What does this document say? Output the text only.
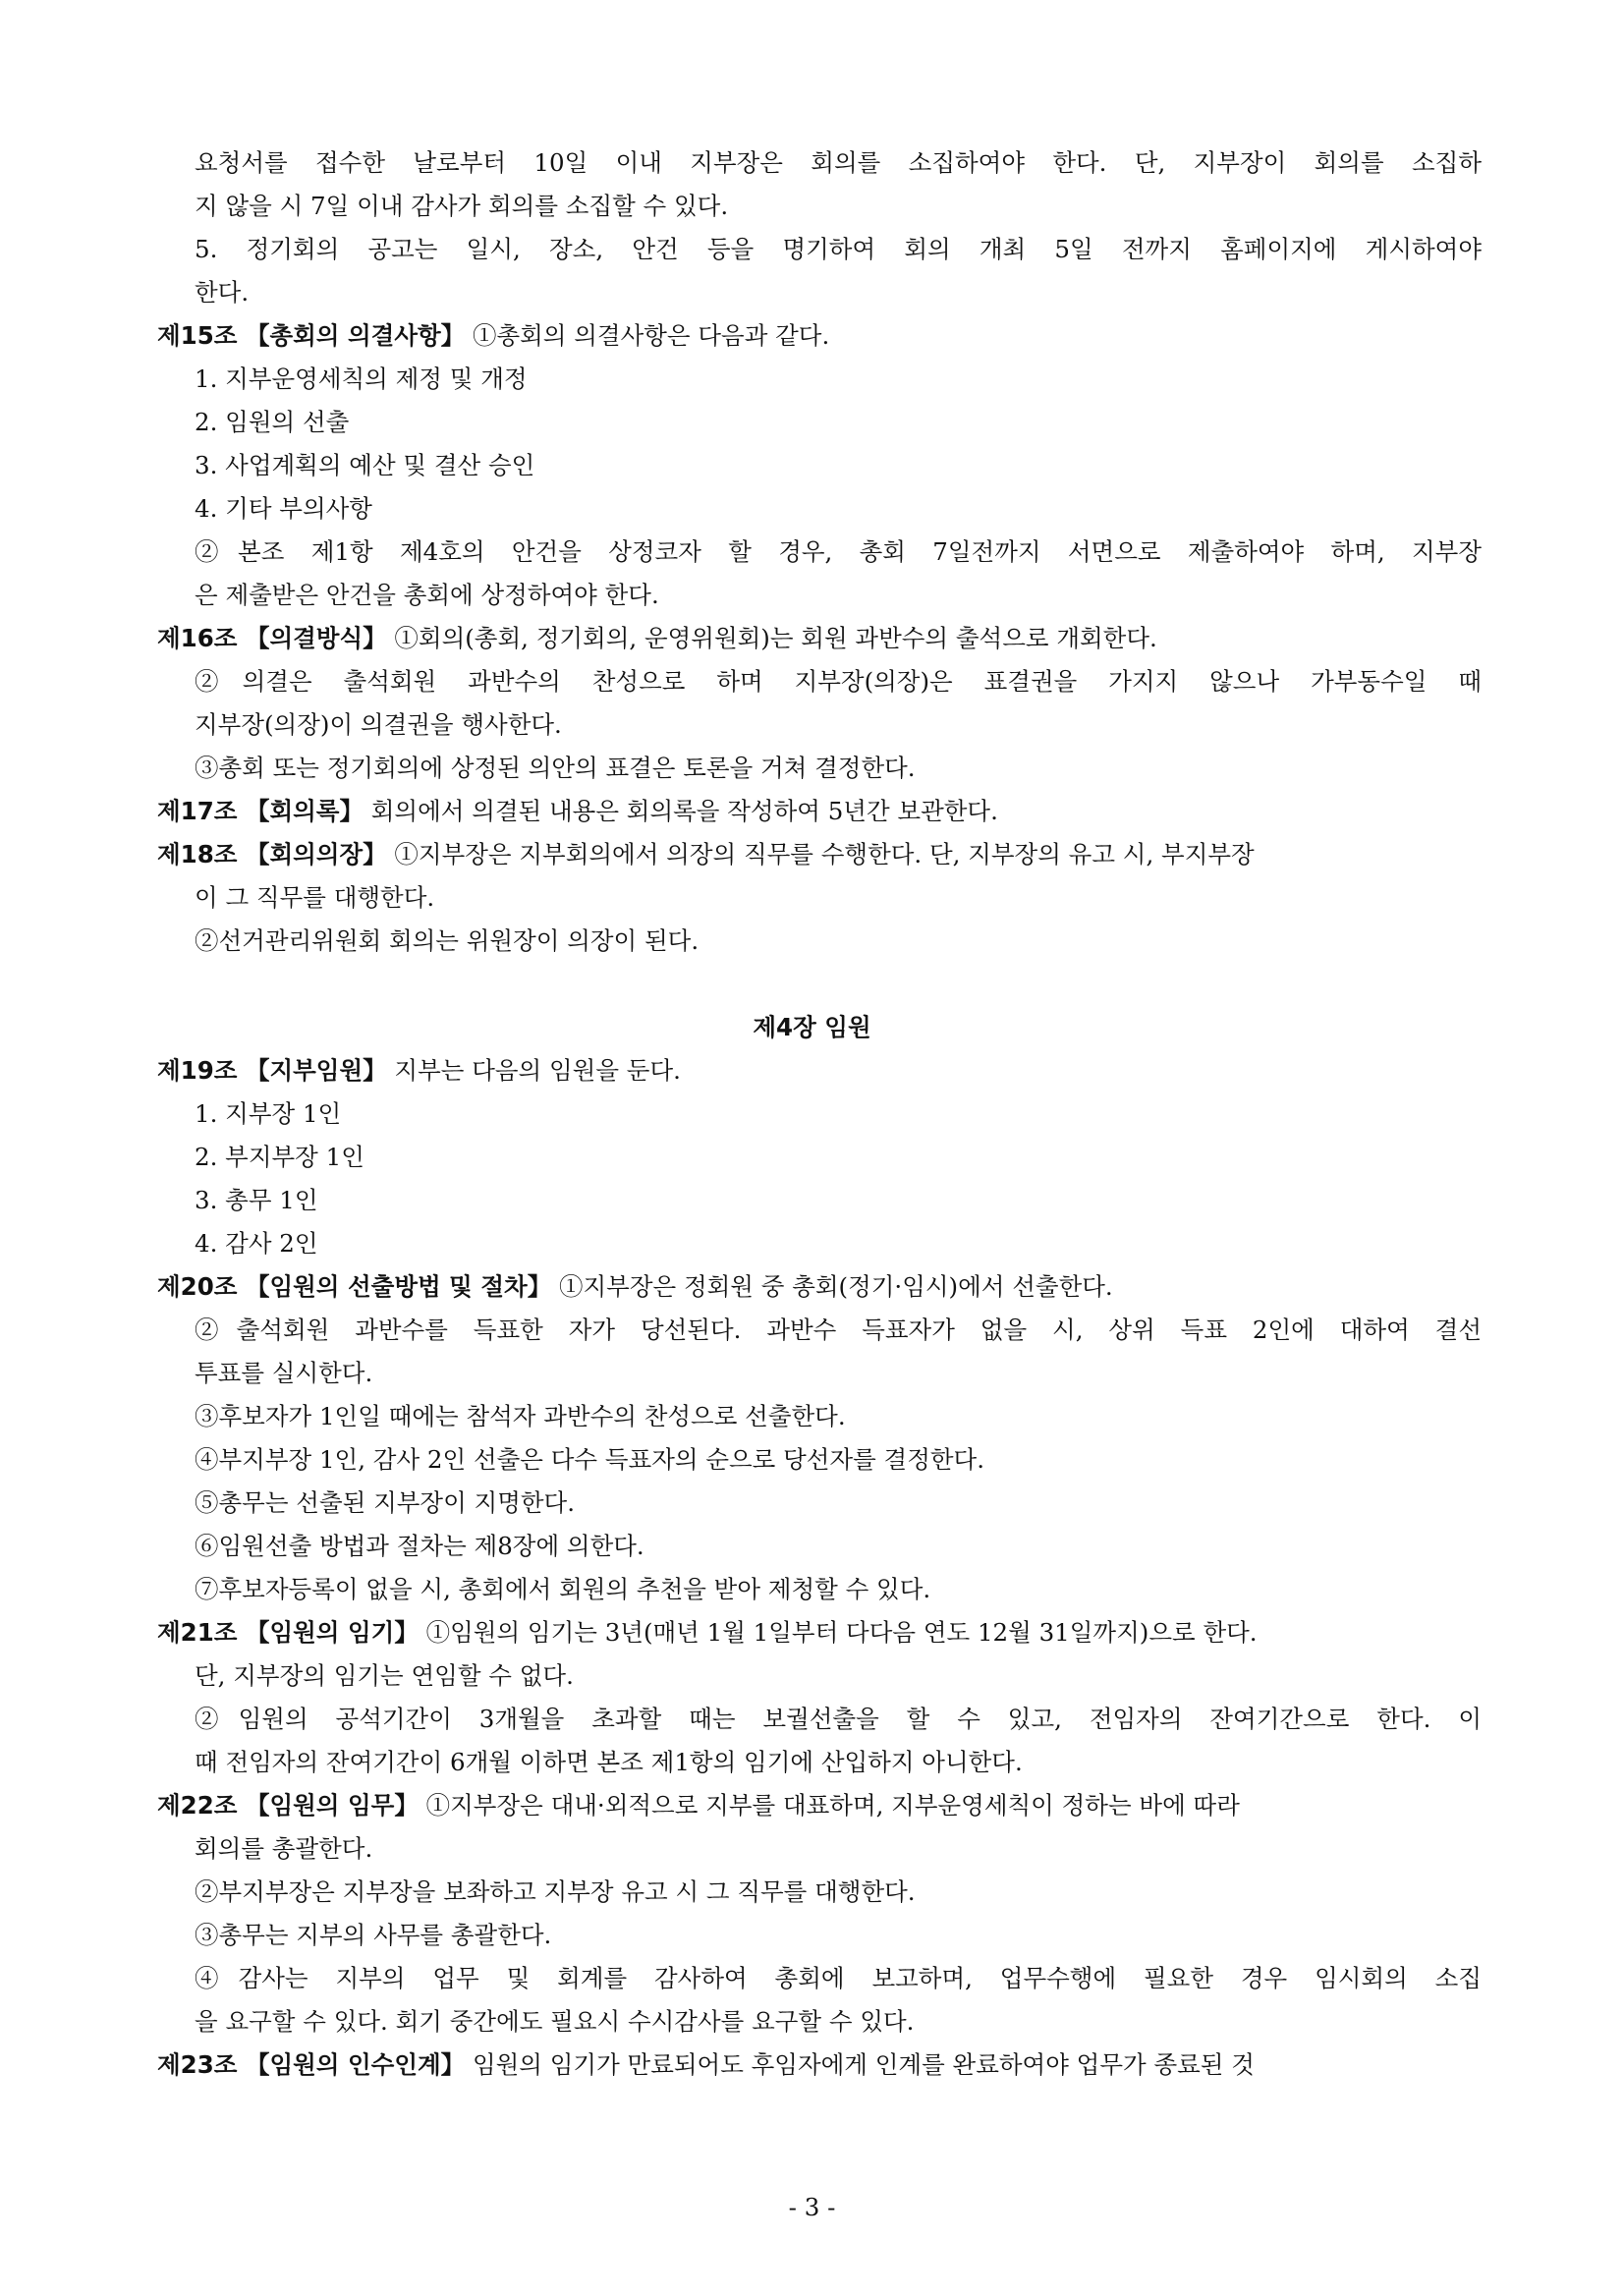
요청서를 접수한 날로부터 10일 이내 지부장은 회의를 소집하여야 한다. 단, 지부장이 회의를 소집하
지 않을 시 7일 이내 감사가 회의를 소집할 수 있다.
5. 정기회의 공고는 일시, 장소, 안건 등을 명기하여 회의 개최 5일 전까지 홈페이지에 게시하여야
한다.
제15조 【총회의 의결사항】 ①총회의 의결사항은 다음과 같다.
1. 지부운영세칙의 제정 및 개정
2. 임원의 선출
3. 사업계획의 예산 및 결산 승인
4. 기타 부의사항
②본조 제1항 제4호의 안건을 상정코자 할 경우, 총회 7일전까지 서면으로 제출하여야 하며, 지부장
은 제출받은 안건을 총회에 상정하여야 한다.
제16조 【의결방식】 ①회의(총회, 정기회의, 운영위원회)는 회원 과반수의 출석으로 개회한다.
②의결은 출석회원 과반수의 찬성으로 하며 지부장(의장)은 표결권을 가지지 않으나 가부동수일 때
지부장(의장)이 의결권을 행사한다.
③총회 또는 정기회의에 상정된 의안의 표결은 토론을 거쳐 결정한다.
제17조 【회의록】 회의에서 의결된 내용은 회의록을 작성하여 5년간 보관한다.
제18조 【회의의장】 ①지부장은 지부회의에서 의장의 직무를 수행한다. 단, 지부장의 유고 시, 부지부장
이 그 직무를 대행한다.
②선거관리위원회 회의는 위원장이 의장이 된다.
제4장 임원
제19조 【지부임원】 지부는 다음의 임원을 둔다.
1. 지부장 1인
2. 부지부장 1인
3. 총무 1인
4. 감사 2인
제20조 【임원의 선출방법 및 절차】 ①지부장은 정회원 중 총회(정기·임시)에서 선출한다.
②출석회원 과반수를 득표한 자가 당선된다. 과반수 득표자가 없을 시, 상위 득표 2인에 대하여 결선
투표를 실시한다.
③후보자가 1인일 때에는 참석자 과반수의 찬성으로 선출한다.
④부지부장 1인, 감사 2인 선출은 다수 득표자의 순으로 당선자를 결정한다.
⑤총무는 선출된 지부장이 지명한다.
⑥임원선출 방법과 절차는 제8장에 의한다.
⑦후보자등록이 없을 시, 총회에서 회원의 추천을 받아 제청할 수 있다.
제21조 【임원의 임기】 ①임원의 임기는 3년(매년 1월 1일부터 다다음 연도 12월 31일까지)으로 한다.
단, 지부장의 임기는 연임할 수 없다.
②임원의 공석기간이 3개월을 초과할 때는 보궐선출을 할 수 있고, 전임자의 잔여기간으로 한다. 이
때 전임자의 잔여기간이 6개월 이하면 본조 제1항의 임기에 산입하지 아니한다.
제22조 【임원의 임무】 ①지부장은 대내·외적으로 지부를 대표하며, 지부운영세칙이 정하는 바에 따라
회의를 총괄한다.
②부지부장은 지부장을 보좌하고 지부장 유고 시 그 직무를 대행한다.
③총무는 지부의 사무를 총괄한다.
④감사는 지부의 업무 및 회계를 감사하여 총회에 보고하며, 업무수행에 필요한 경우 임시회의 소집
을 요구할 수 있다. 회기 중간에도 필요시 수시감사를 요구할 수 있다.
제23조 【임원의 인수인계】 임원의 임기가 만료되어도 후임자에게 인계를 완료하여야 업무가 종료된 것
- 3 -
